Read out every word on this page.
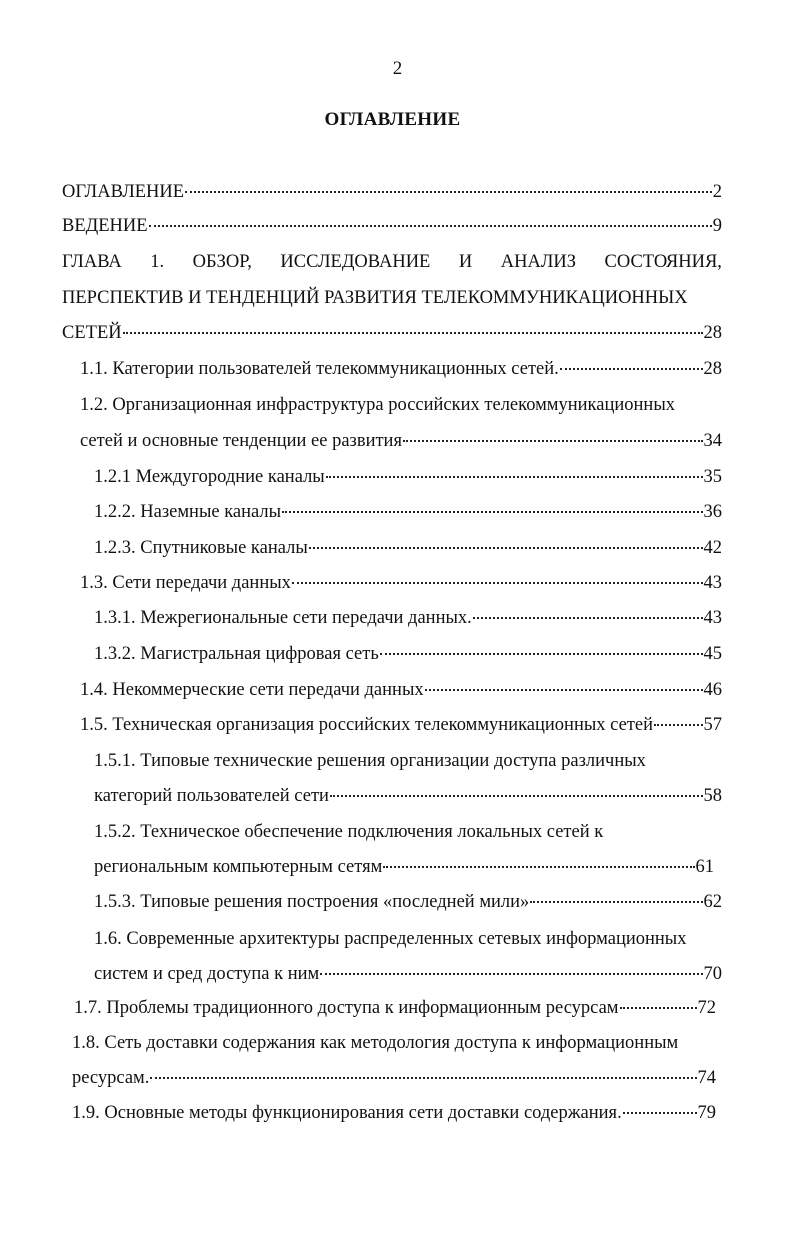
2
ОГЛАВЛЕНИЕ
ОГЛАВЛЕНИЕ	2
ВЕДЕНИЕ	9
ГЛАВА 1. ОБЗОР, ИССЛЕДОВАНИЕ И АНАЛИЗ СОСТОЯНИЯ,
ПЕРСПЕКТИВ И ТЕНДЕНЦИЙ РАЗВИТИЯ ТЕЛЕКОММУНИКАЦИОННЫХ
СЕТЕЙ	28
1.1. Категории пользователей телекоммуникационных сетей.	28
1.2. Организационная инфраструктура российских телекоммуникационных
сетей и основные тенденции ее развития	34
1.2.1 Междугородние каналы	35
1.2.2. Наземные каналы	36
1.2.3. Спутниковые каналы	42
1.3. Сети передачи данных	43
1.3.1. Межрегиональные сети передачи данных.	43
1.3.2. Магистральная цифровая сеть	45
1.4. Некоммерческие сети передачи данных	46
1.5. Техническая организация российских телекоммуникационных сетей	57
1.5.1. Типовые технические решения организации доступа различных
категорий пользователей сети	58
1.5.2. Техническое обеспечение подключения локальных сетей к
региональным компьютерным сетям	61
1.5.3. Типовые решения построения «последней мили»	62
1.6. Современные архитектуры распределенных сетевых информационных
систем и сред доступа к ним	70
1.7. Проблемы традиционного доступа к информационным ресурсам	72
1.8. Сеть доставки содержания как методология доступа к информационным
ресурсам.	74
1.9. Основные методы функционирования сети доставки содержания.	79
